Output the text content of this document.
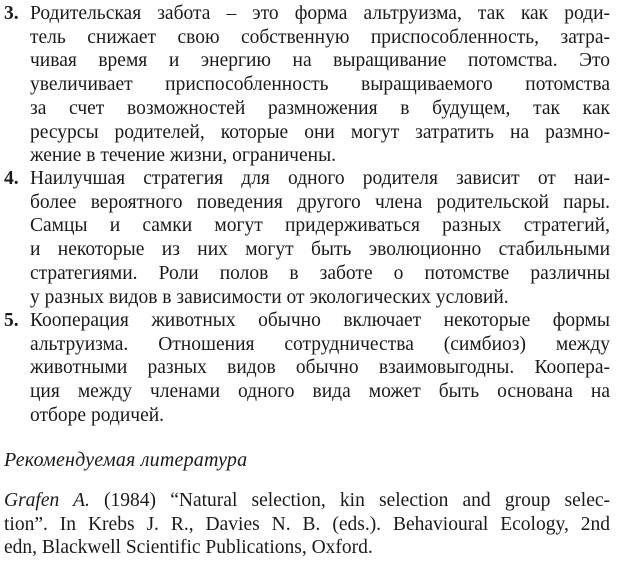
3. Родительская забота – это форма альтруизма, так как роди-
тель снижает свою собственную приспособленность, затра-
чивая время и энергию на выращивание потомства. Это
увеличивает приспособленность выращиваемого потомства
за счет возможностей размножения в будущем, так как
ресурсы родителей, которые они могут затратить на размно-
жение в течение жизни, ограничены.
4. Наилучшая стратегия для одного родителя зависит от наи-
более вероятного поведения другого члена родительской пары.
Самцы и самки могут придерживаться разных стратегий,
и некоторые из них могут быть эволюционно стабильными
стратегиями. Роли полов в заботе о потомстве различны
у разных видов в зависимости от экологических условий.
5. Кооперация животных обычно включает некоторые формы
альтруизма. Отношения сотрудничества (симбиоз) между
животными разных видов обычно взаимовыгодны. Коопера-
ция между членами одного вида может быть основана на
отборе родичей.
Рекомендуемая литература
Grafen A. (1984) “Natural selection, kin selection and group selec-
tion”. In Krebs J. R., Davies N. B. (eds.). Behavioural Ecology, 2nd
edn, Blackwell Scientific Publications, Oxford.
